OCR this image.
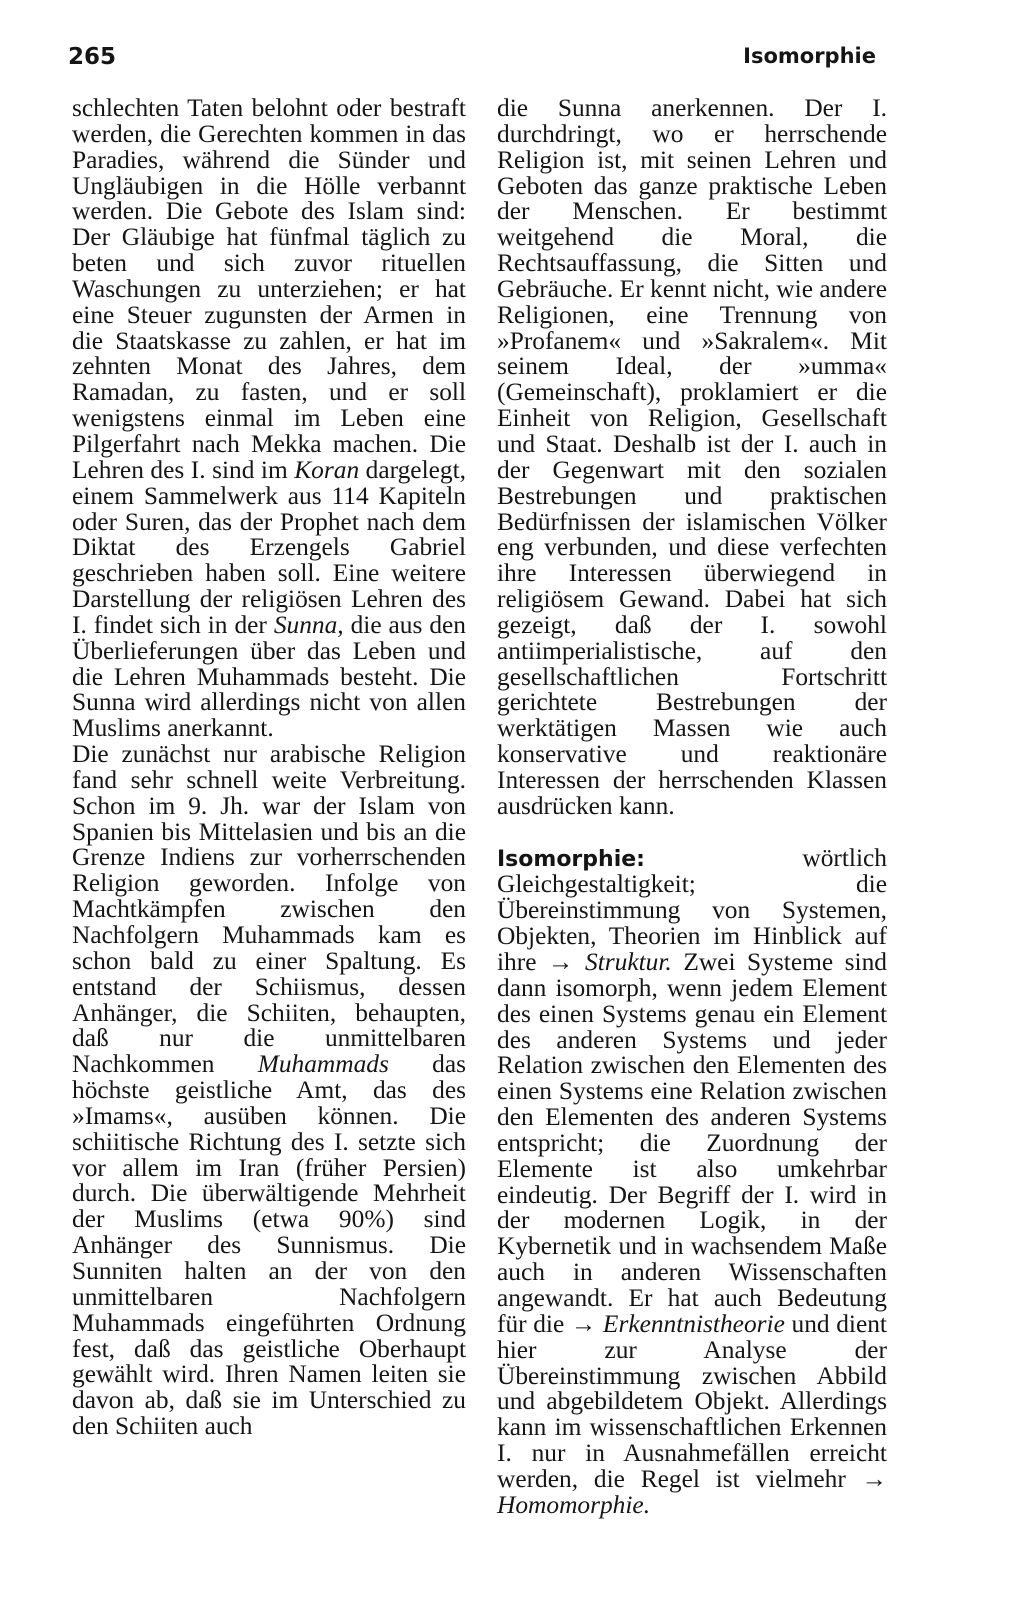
265	Isomorphie

schlechten Taten belohnt oder bestraft werden, die Gerechten kommen in das Paradies, während die Sünder und Ungläubigen in die Hölle verbannt werden. Die Gebote des Islam sind: Der Gläubige hat fünfmal täglich zu beten und sich zuvor rituellen Waschungen zu unterziehen; er hat eine Steuer zugunsten der Armen in die Staatskasse zu zahlen, er hat im zehnten Monat des Jahres, dem Ramadan, zu fasten, und er soll wenigstens einmal im Leben eine Pilgerfahrt nach Mekka machen. Die Lehren des I. sind im Koran dargelegt, einem Sammelwerk aus 114 Kapiteln oder Suren, das der Prophet nach dem Diktat des Erzengels Gabriel geschrieben haben soll. Eine weitere Darstellung der religiösen Lehren des I. findet sich in der Sunna, die aus den Überlieferungen über das Leben und die Lehren Muhammads besteht. Die Sunna wird allerdings nicht von allen Muslims anerkannt.

Die zunächst nur arabische Religion fand sehr schnell weite Verbreitung. Schon im 9. Jh. war der Islam von Spanien bis Mittelasien und bis an die Grenze Indiens zur vorherrschenden Religion geworden. Infolge von Machtkämpfen zwischen den Nachfolgern Muhammads kam es schon bald zu einer Spaltung. Es entstand der Schiismus, dessen Anhänger, die Schiiten, behaupten, daß nur die unmittelbaren Nachkommen Muhammads das höchste geistliche Amt, das des »Imams«, ausüben können. Die schiitische Richtung des I. setzte sich vor allem im Iran (früher Persien) durch. Die überwältigende Mehrheit der Muslims (etwa 90%) sind Anhänger des Sunnismus. Die Sunniten halten an der von den unmittelbaren Nachfolgern Muhammads eingeführten Ordnung fest, daß das geistliche Oberhaupt gewählt wird. Ihren Namen leiten sie davon ab, daß sie im Unterschied zu den Schiiten auch

die Sunna anerkennen. Der I. durchdringt, wo er herrschende Religion ist, mit seinen Lehren und Geboten das ganze praktische Leben der Menschen. Er bestimmt weitgehend die Moral, die Rechtsauffassung, die Sitten und Gebräuche. Er kennt nicht, wie andere Religionen, eine Trennung von »Profanem« und »Sakralem«. Mit seinem Ideal, der »umma« (Gemeinschaft), proklamiert er die Einheit von Religion, Gesellschaft und Staat. Deshalb ist der I. auch in der Gegenwart mit den sozialen Bestrebungen und praktischen Bedürfnissen der islamischen Völker eng verbunden, und diese verfechten ihre Interessen überwiegend in religiösem Gewand. Dabei hat sich gezeigt, daß der I. sowohl antiimperialistische, auf den gesellschaftlichen Fortschritt gerichtete Bestrebungen der werktätigen Massen wie auch konservative und reaktionäre Interessen der herrschenden Klassen ausdrücken kann.

Isomorphie: wörtlich Gleichgestaltigkeit; die Übereinstimmung von Systemen, Objekten, Theorien im Hinblick auf ihre → Struktur. Zwei Systeme sind dann isomorph, wenn jedem Element des einen Systems genau ein Element des anderen Systems und jeder Relation zwischen den Elementen des einen Systems eine Relation zwischen den Elementen des anderen Systems entspricht; die Zuordnung der Elemente ist also umkehrbar eindeutig. Der Begriff der I. wird in der modernen Logik, in der Kybernetik und in wachsendem Maße auch in anderen Wissenschaften angewandt. Er hat auch Bedeutung für die → Erkenntnistheorie und dient hier zur Analyse der Übereinstimmung zwischen Abbild und abgebildetem Objekt. Allerdings kann im wissenschaftlichen Erkennen I. nur in Ausnahmefällen erreicht werden, die Regel ist vielmehr → Homomorphie.
